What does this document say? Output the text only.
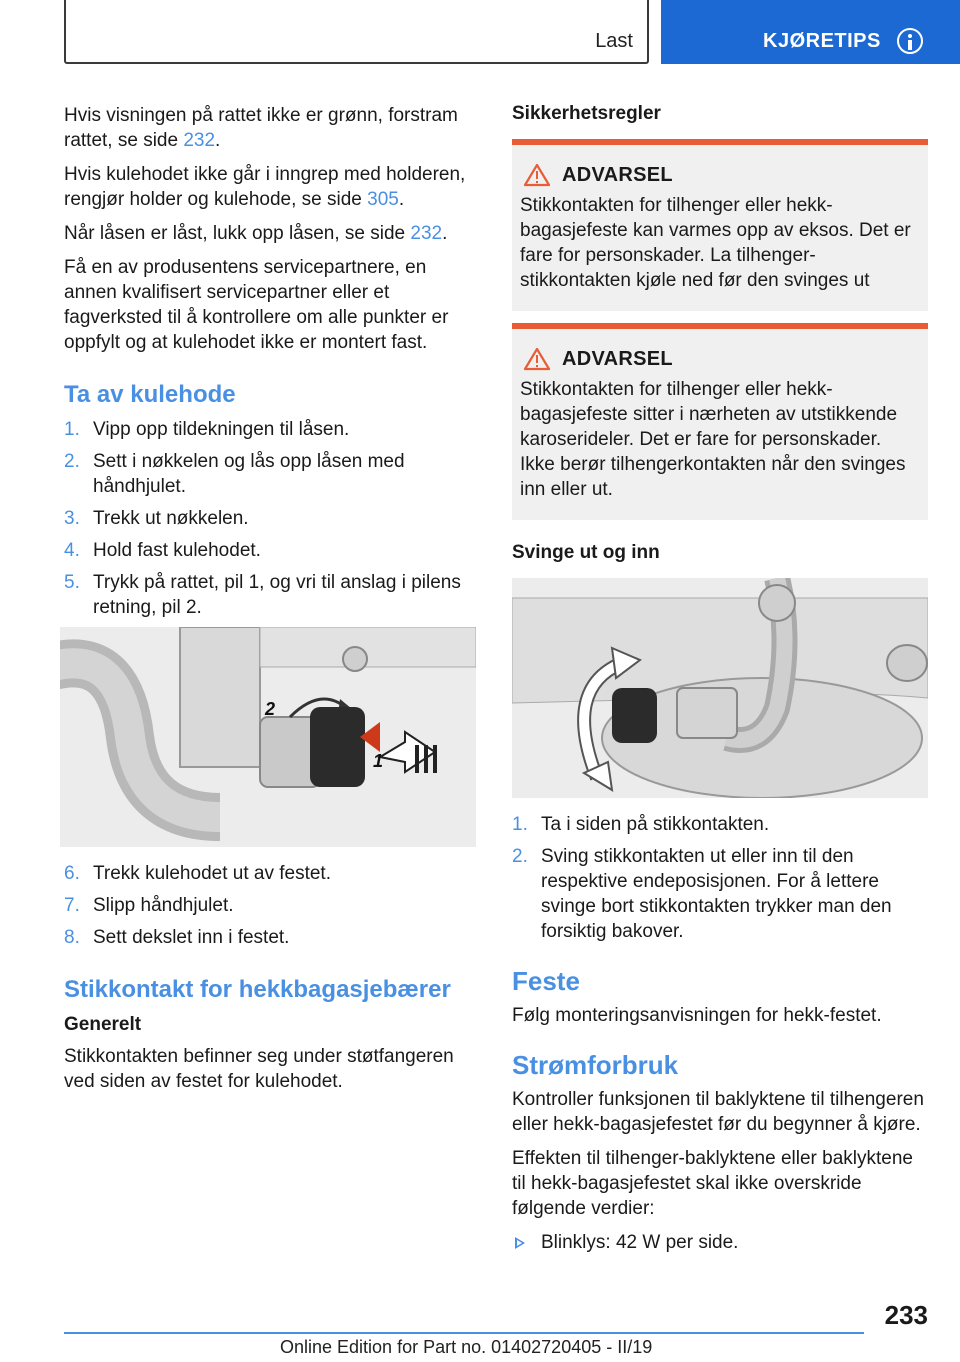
Last	KJØRETIPS

Hvis visningen på rattet ikke er grønn, forstram rattet, se side 232.

Hvis kulehodet ikke går i inngrep med holderen, rengjør holder og kulehode, se side 305.

Når låsen er låst, lukk opp låsen, se side 232.

Få en av produsentens servicepartnere, en annen kvalifisert servicepartner eller et fagverksted til å kontrollere om alle punkter er oppfylt og at kulehodet ikke er montert fast.

Ta av kulehode
1. Vipp opp tildekningen til låsen.
2. Sett i nøkkelen og lås opp låsen med håndhjulet.
3. Trekk ut nøkkelen.
4. Hold fast kulehodet.
5. Trykk på rattet, pil 1, og vri til anslag i pilens retning, pil 2.
2
1
6. Trekk kulehodet ut av festet.
7. Slipp håndhjulet.
8. Sett dekslet inn i festet.
Stikkontakt for hekkbagasjebærer
Generelt

Stikkontakten befinner seg under støtfangeren ved siden av festet for kulehodet.

Sikkerhetsregler
ADVARSEL

Stikkontakten for tilhenger eller hekk-bagasjefeste kan varmes opp av eksos. Det er fare for personskader. La tilhenger-stikkontakten kjøle ned før den svinges ut

ADVARSEL

Stikkontakten for tilhenger eller hekk-bagasjefeste sitter i nærheten av utstikkende karoserideler. Det er fare for personskader. Ikke berør tilhengerkontakten når den svinges inn eller ut.

Svinge ut og inn
1. Ta i siden på stikkontakten.
2. Sving stikkontakten ut eller inn til den respektive endeposisjonen. For å lettere svinge bort stikkontakten trykker man den forsiktig bakover.
Feste

Følg monteringsanvisningen for hekk-festet.

Strømforbruk

Kontroller funksjonen til baklyktene til tilhengeren eller hekk-bagasjefestet før du begynner å kjøre.

Effekten til tilhenger-baklyktene eller baklyktene til hekk-bagasjefestet skal ikke overskride følgende verdier:

Blinklys: 42 W per side.
233
Online Edition for Part no. 01402720405 - II/19
